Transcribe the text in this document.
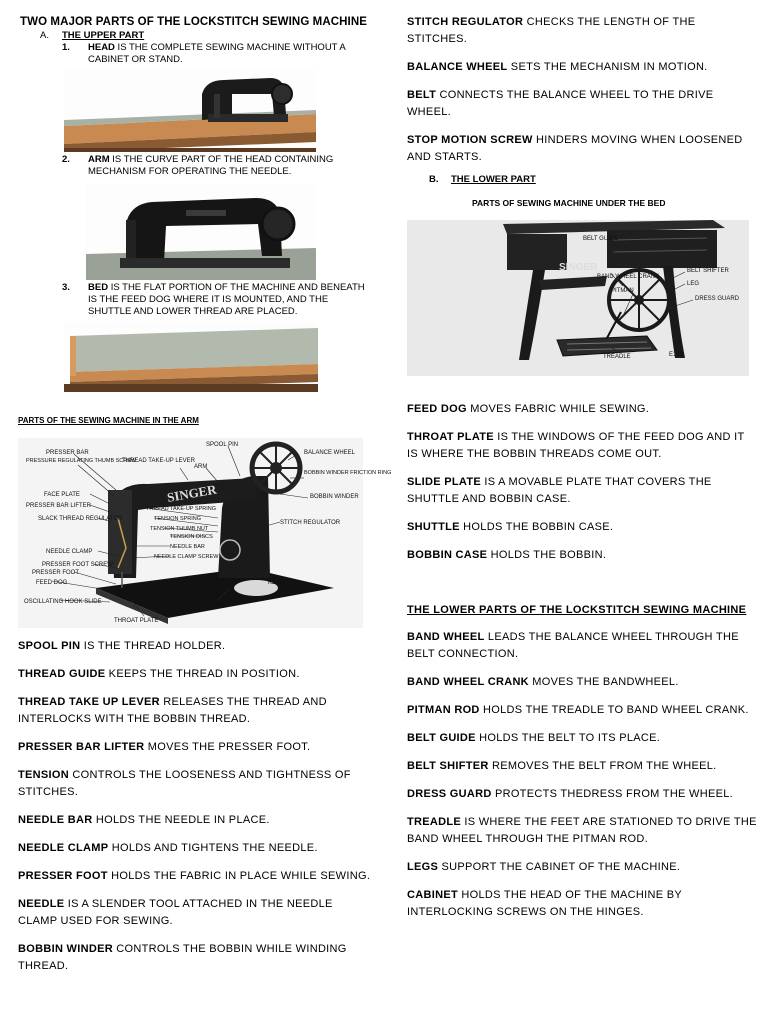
TWO MAJOR PARTS OF THE LOCKSTITCH SEWING MACHINE
A. THE UPPER PART
1. HEAD IS THE COMPLETE SEWING MACHINE WITHOUT A
CABINET OR STAND.
2. ARM IS THE CURVE PART OF THE HEAD CONTAINING
MECHANISM FOR OPERATING THE NEEDLE.
3. BED IS THE FLAT PORTION OF THE MACHINE AND BENEATH
IS THE FEED DOG WHERE IT IS MOUNTED, AND THE
SHUTTLE AND LOWER THREAD ARE PLACED.
PARTS OF THE SEWING MACHINE IN THE ARM
SINGER
SPOOL PIN
PRESSER BAR
PRESSURE REGULATING THUMB SCREW
THREAD TAKE-UP LEVER
ARM
BALANCE WHEEL
BOBBIN WINDER FRICTION RING
BOBBIN WINDER
FACE PLATE
PRESSER BAR LIFTER	THREAD TAKE-UP SPRING
TENSION SPRING
TENSION THUMB NUT
SLACK THREAD REGULATOR
STITCH REGULATOR
TENSION DISCS
NEEDLE BAR
NEEDLE CLAMP SCREW
NEEDLE CLAMP
PRESSER FOOT SCREW
PRESSER FOOT
FEED DOG
OSCILLATING HOOK SLIDE	BED PLATE
THROAT PLATE
K2871
SPOOL PIN IS THE THREAD HOLDER.
THREAD GUIDE KEEPS THE THREAD IN POSITION.
THREAD TAKE UP LEVER RELEASES THE THREAD AND
INTERLOCKS WITH THE BOBBIN THREAD.
PRESSER BAR LIFTER MOVES THE PRESSER FOOT.
TENSION CONTROLS THE LOOSENESS AND TIGHTNESS OF
STITCHES.
NEEDLE BAR HOLDS THE NEEDLE IN PLACE.
NEEDLE CLAMP HOLDS AND TIGHTENS THE NEEDLE.
PRESSER FOOT HOLDS THE FABRIC IN PLACE WHILE SEWING.
NEEDLE IS A SLENDER TOOL ATTACHED IN THE NEEDLE
CLAMP USED FOR SEWING.
BOBBIN WINDER CONTROLS THE BOBBIN WHILE WINDING
THREAD.
STITCH REGULATOR CHECKS THE LENGTH OF THE STITCHES.
BALANCE WHEEL SETS THE MECHANISM IN MOTION.
BELT CONNECTS THE BALANCE WHEEL TO THE DRIVE
WHEEL.
STOP MOTION SCREW HINDERS MOVING WHEN LOOSENED
AND STARTS.
B. THE LOWER PART
PARTS OF SEWING MACHINE UNDER THE BED
SINGER
BELT GUIDE
BAND WHEEL CRANK
PITMAN
BELT SHIFTER
LEG
DRESS GUARD
TREADLE	E193
FEED DOG MOVES FABRIC WHILE SEWING.
THROAT PLATE IS THE WINDOWS OF THE FEED DOG AND IT
IS WHERE THE BOBBIN THREADS COME OUT.
SLIDE PLATE IS A MOVABLE PLATE THAT COVERS THE
SHUTTLE AND BOBBIN CASE.
SHUTTLE HOLDS THE BOBBIN CASE.
BOBBIN CASE HOLDS THE BOBBIN.
THE LOWER PARTS OF THE LOCKSTITCH SEWING MACHINE
BAND WHEEL LEADS THE BALANCE WHEEL THROUGH THE
BELT CONNECTION.
BAND WHEEL CRANK MOVES THE BANDWHEEL.
PITMAN ROD HOLDS THE TREADLE TO BAND WHEEL CRANK.
BELT GUIDE HOLDS THE BELT TO ITS PLACE.
BELT SHIFTER REMOVES THE BELT FROM THE WHEEL.
DRESS GUARD PROTECTS THEDRESS FROM THE WHEEL.
TREADLE IS WHERE THE FEET ARE STATIONED TO DRIVE THE
BAND WHEEL THROUGH THE PITMAN ROD.
LEGS SUPPORT THE CABINET OF THE MACHINE.
CABINET HOLDS THE HEAD OF THE MACHINE BY
INTERLOCKING SCREWS ON THE HINGES.
